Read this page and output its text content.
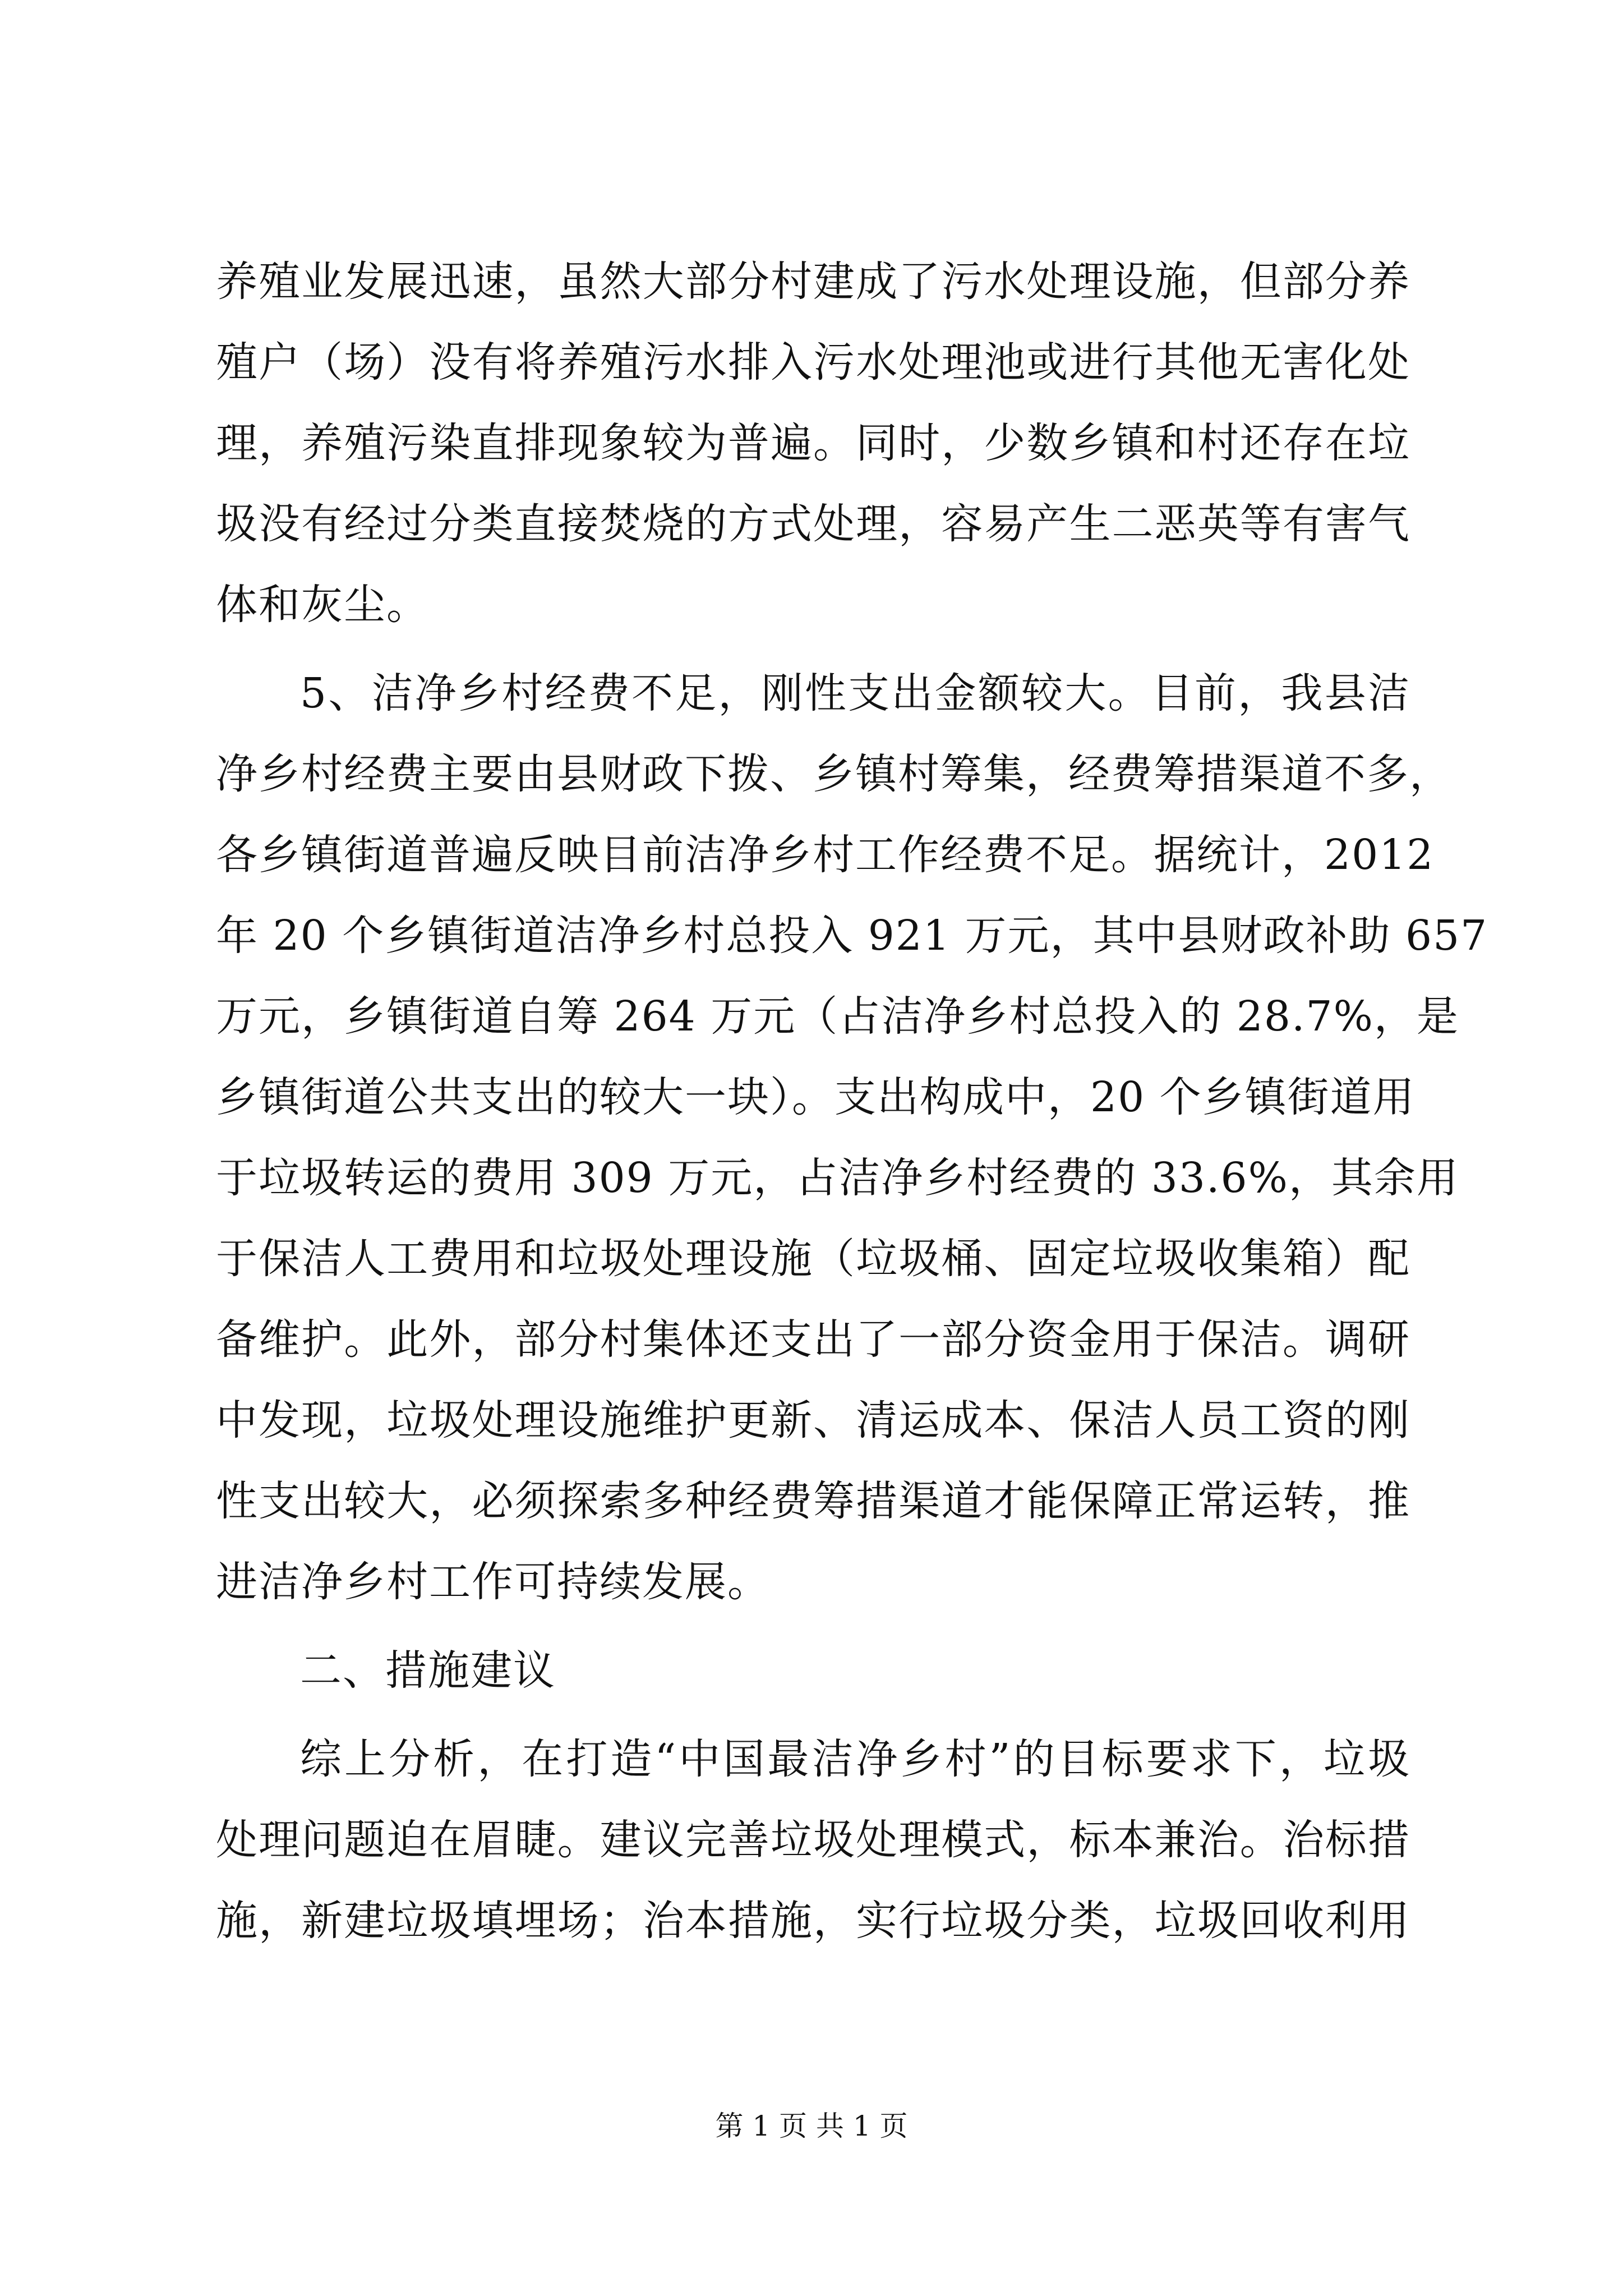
养殖业发展迅速，虽然大部分村建成了污水处理设施，但部分养
殖户（场）没有将养殖污水排入污水处理池或进行其他无害化处
理，养殖污染直排现象较为普遍。同时，少数乡镇和村还存在垃
圾没有经过分类直接焚烧的方式处理，容易产生二恶英等有害气
体和灰尘。
5、洁净乡村经费不足，刚性支出金额较大。目前，我县洁
净乡村经费主要由县财政下拨、乡镇村筹集，经费筹措渠道不多，
各乡镇街道普遍反映目前洁净乡村工作经费不足。据统计，2012
年 20 个乡镇街道洁净乡村总投入 921 万元，其中县财政补助 657
万元，乡镇街道自筹 264 万元（占洁净乡村总投入的 28.7%，是
乡镇街道公共支出的较大一块）。支出构成中，20 个乡镇街道用
于垃圾转运的费用 309 万元，占洁净乡村经费的 33.6%，其余用
于保洁人工费用和垃圾处理设施（垃圾桶、固定垃圾收集箱）配
备维护。此外，部分村集体还支出了一部分资金用于保洁。调研
中发现，垃圾处理设施维护更新、清运成本、保洁人员工资的刚
性支出较大，必须探索多种经费筹措渠道才能保障正常运转，推
进洁净乡村工作可持续发展。
二、措施建议
综上分析，在打造“中国最洁净乡村”的目标要求下，垃圾
处理问题迫在眉睫。建议完善垃圾处理模式，标本兼治。治标措
施，新建垃圾填埋场；治本措施，实行垃圾分类，垃圾回收利用
第 1 页 共 1 页
